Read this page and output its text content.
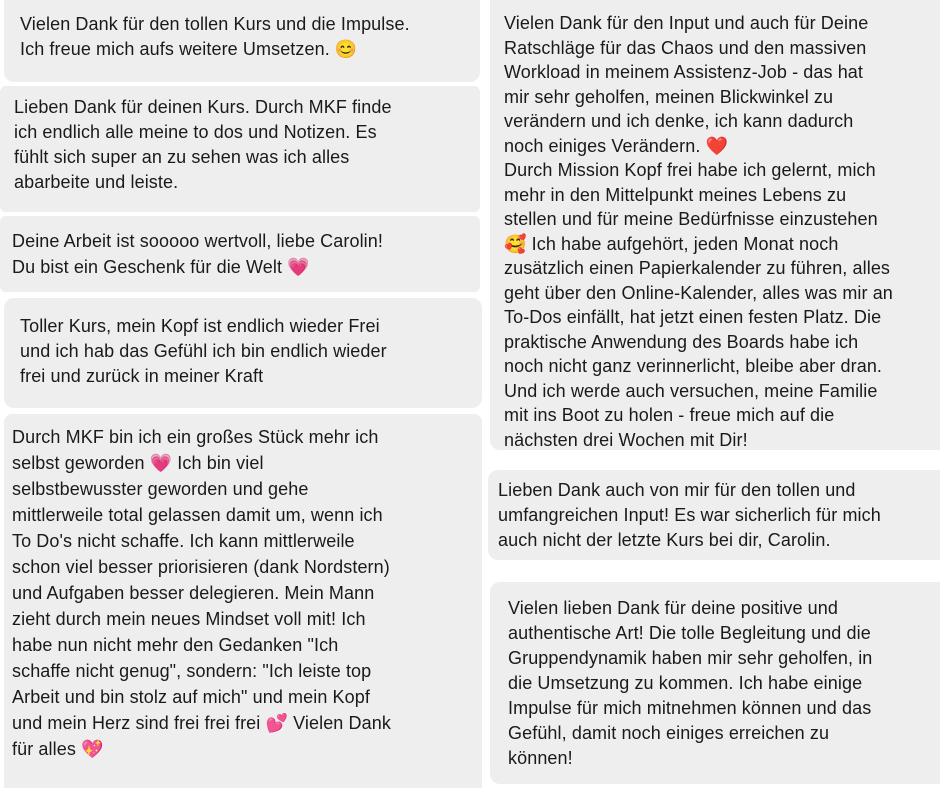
Vielen Dank für den tollen Kurs und die Impulse.
Ich freue mich aufs weitere Umsetzen. 😊

Lieben Dank für deinen Kurs. Durch MKF finde
ich endlich alle meine to dos und Notizen. Es
fühlt sich super an zu sehen was ich alles
abarbeite und leiste.

Deine Arbeit ist sooooo wertvoll, liebe Carolin!
Du bist ein Geschenk für die Welt 💗

Toller Kurs, mein Kopf ist endlich wieder Frei
und ich hab das Gefühl ich bin endlich wieder
frei und zurück in meiner Kraft

Durch MKF bin ich ein großes Stück mehr ich
selbst geworden 💗 Ich bin viel
selbstbewusster geworden und gehe
mittlerweile total gelassen damit um, wenn ich
To Do's nicht schaffe. Ich kann mittlerweile
schon viel besser priorisieren (dank Nordstern)
und Aufgaben besser delegieren. Mein Mann
zieht durch mein neues Mindset voll mit! Ich
habe nun nicht mehr den Gedanken "Ich
schaffe nicht genug", sondern: "Ich leiste top
Arbeit und bin stolz auf mich" und mein Kopf
und mein Herz sind frei frei frei 💕 Vielen Dank
für alles 💖

Vielen Dank für den Input und auch für Deine
Ratschläge für das Chaos und den massiven
Workload in meinem Assistenz-Job - das hat
mir sehr geholfen, meinen Blickwinkel zu
verändern und ich denke, ich kann dadurch
noch einiges Verändern. ❤️
Durch Mission Kopf frei habe ich gelernt, mich
mehr in den Mittelpunkt meines Lebens zu
stellen und für meine Bedürfnisse einzustehen
🥰 Ich habe aufgehört, jeden Monat noch
zusätzlich einen Papierkalender zu führen, alles
geht über den Online-Kalender, alles was mir an
To-Dos einfällt, hat jetzt einen festen Platz. Die
praktische Anwendung des Boards habe ich
noch nicht ganz verinnerlicht, bleibe aber dran.
Und ich werde auch versuchen, meine Familie
mit ins Boot zu holen - freue mich auf die
nächsten drei Wochen mit Dir!

Lieben Dank auch von mir für den tollen und
umfangreichen Input! Es war sicherlich für mich
auch nicht der letzte Kurs bei dir, Carolin.

Vielen lieben Dank für deine positive und
authentische Art! Die tolle Begleitung und die
Gruppendynamik haben mir sehr geholfen, in
die Umsetzung zu kommen. Ich habe einige
Impulse für mich mitnehmen können und das
Gefühl, damit noch einiges erreichen zu
können!
